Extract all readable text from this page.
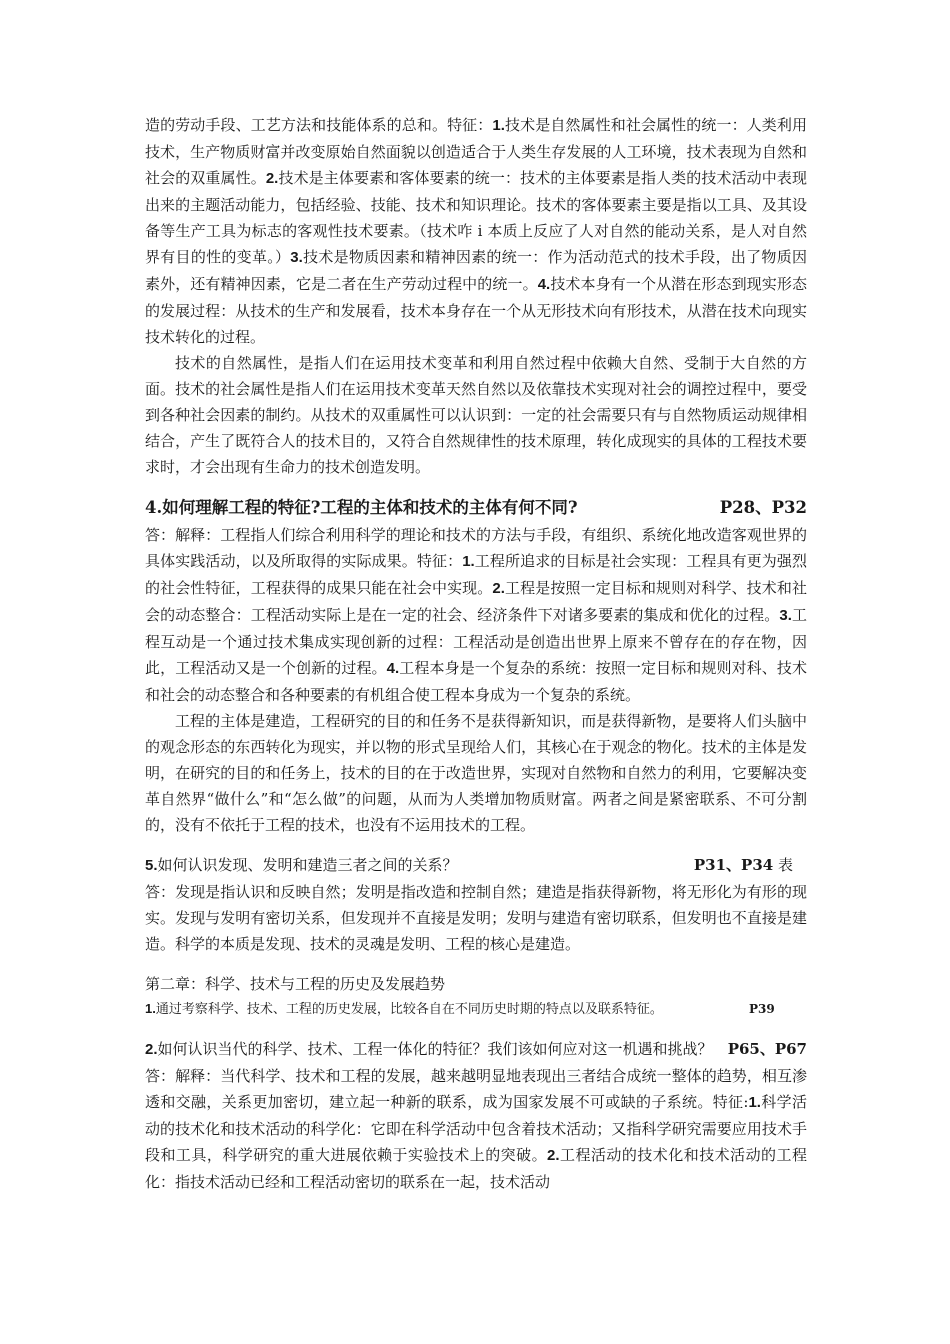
造的劳动手段、工艺方法和技能体系的总和。特征：1.技术是自然属性和社会属性的统一：人类利用技术，生产物质财富并改变原始自然面貌以创造适合于人类生存发展的人工环境，技术表现为自然和社会的双重属性。2.技术是主体要素和客体要素的统一：技术的主体要素是指人类的技术活动中表现出来的主题活动能力，包括经验、技能、技术和知识理论。技术的客体要素主要是指以工具、及其设备等生产工具为标志的客观性技术要素。（技术咋 i 本质上反应了人对自然的能动关系，是人对自然界有目的性的变革。）3.技术是物质因素和精神因素的统一：作为活动范式的技术手段，出了物质因素外，还有精神因素，它是二者在生产劳动过程中的统一。4.技术本身有一个从潜在形态到现实形态的发展过程：从技术的生产和发展看，技术本身存在一个从无形技术向有形技术，从潜在技术向现实技术转化的过程。

技术的自然属性，是指人们在运用技术变革和利用自然过程中依赖大自然、受制于大自然的方面。技术的社会属性是指人们在运用技术变革天然自然以及依靠技术实现对社会的调控过程中，要受到各种社会因素的制约。从技术的双重属性可以认识到：一定的社会需要只有与自然物质运动规律相结合，产生了既符合人的技术目的，又符合自然规律性的技术原理，转化成现实的具体的工程技术要求时，才会出现有生命力的技术创造发明。

4.如何理解工程的特征?工程的主体和技术的主体有何不同?	P28、P32

答：解释：工程指人们综合利用科学的理论和技术的方法与手段，有组织、系统化地改造客观世界的具体实践活动，以及所取得的实际成果。特征：1.工程所追求的目标是社会实现：工程具有更为强烈的社会性特征，工程获得的成果只能在社会中实现。2.工程是按照一定目标和规则对科学、技术和社会的动态整合：工程活动实际上是在一定的社会、经济条件下对诸多要素的集成和优化的过程。3.工程互动是一个通过技术集成实现创新的过程：工程活动是创造出世界上原来不曾存在的存在物，因此，工程活动又是一个创新的过程。4.工程本身是一个复杂的系统：按照一定目标和规则对科、技术和社会的动态整合和各种要素的有机组合使工程本身成为一个复杂的系统。

工程的主体是建造，工程研究的目的和任务不是获得新知识，而是获得新物，是要将人们头脑中的观念形态的东西转化为现实，并以物的形式呈现给人们，其核心在于观念的物化。技术的主体是发明，在研究的目的和任务上，技术的目的在于改造世界，实现对自然物和自然力的利用，它要解决变革自然界“做什么”和“怎么做”的问题，从而为人类增加物质财富。两者之间是紧密联系、不可分割的，没有不依托于工程的技术，也没有不运用技术的工程。

5.如何认识发现、发明和建造三者之间的关系？	P31、P34 表

答：发现是指认识和反映自然；发明是指改造和控制自然；建造是指获得新物，将无形化为有形的现实。发现与发明有密切关系，但发现并不直接是发明；发明与建造有密切联系，但发明也不直接是建造。科学的本质是发现、技术的灵魂是发明、工程的核心是建造。

第二章：科学、技术与工程的历史及发展趋势

1.通过考察科学、技术、工程的历史发展，比较各自在不同历史时期的特点以及联系特征。	P39

2.如何认识当代的科学、技术、工程一体化的特征？我们该如何应对这一机遇和挑战？ P65、P67

答：解释：当代科学、技术和工程的发展，越来越明显地表现出三者结合成统一整体的趋势，相互渗透和交融，关系更加密切，建立起一种新的联系，成为国家发展不可或缺的子系统。特征:1.科学活动的技术化和技术活动的科学化：它即在科学活动中包含着技术活动；又指科学研究需要应用技术手段和工具，科学研究的重大进展依赖于实验技术上的突破。2.工程活动的技术化和技术活动的工程化：指技术活动已经和工程活动密切的联系在一起，技术活动
